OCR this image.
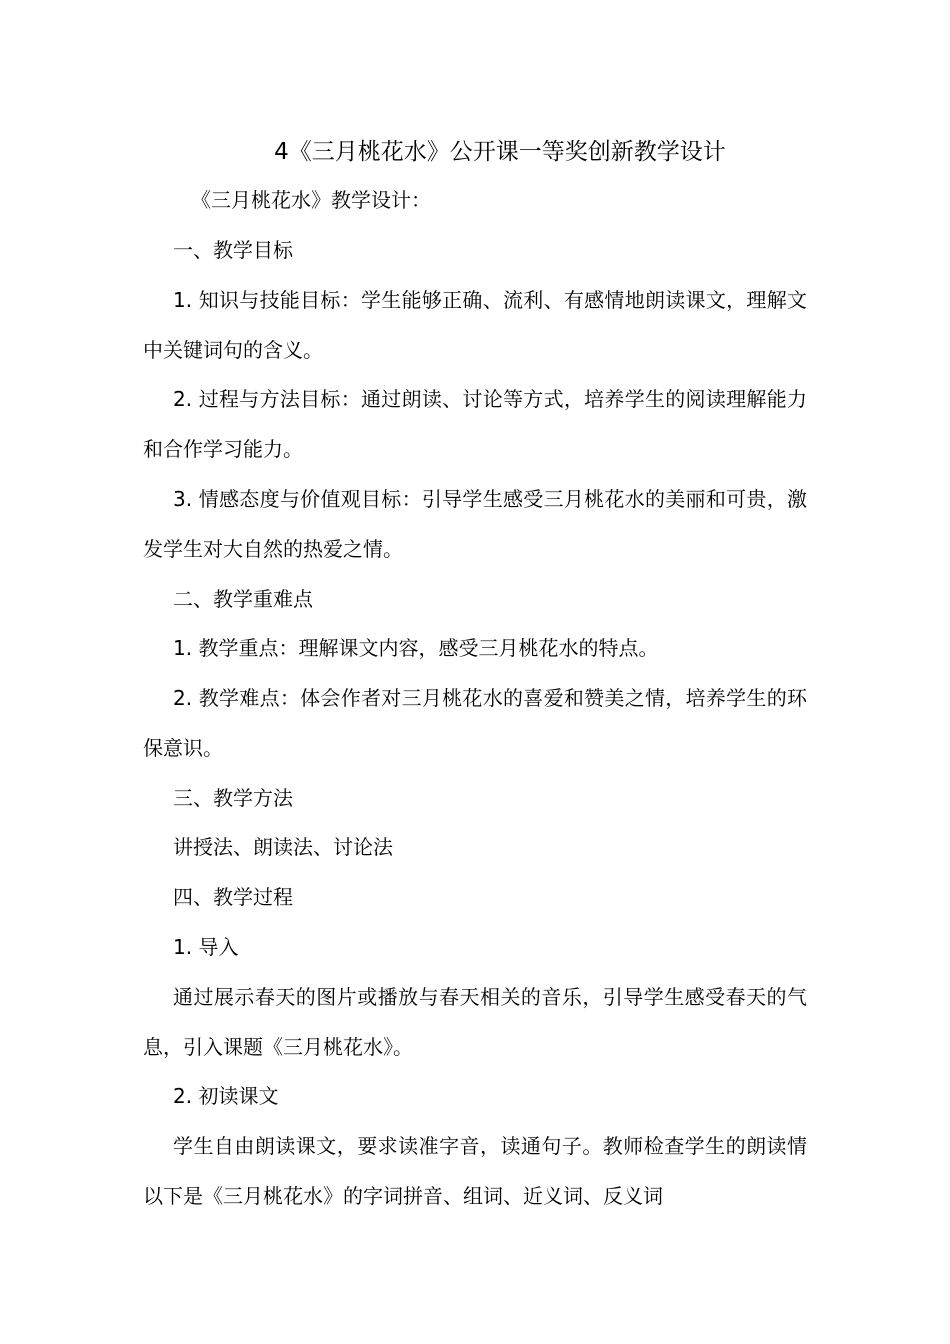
4《三月桃花水》公开课一等奖创新教学设计

《三月桃花水》教学设计：

一、教学目标

1. 知识与技能目标：学生能够正确、流利、有感情地朗读课文，理解文中关键词句的含义。

2. 过程与方法目标：通过朗读、讨论等方式，培养学生的阅读理解能力和合作学习能力。

3. 情感态度与价值观目标：引导学生感受三月桃花水的美丽和可贵，激发学生对大自然的热爱之情。

二、教学重难点

1. 教学重点：理解课文内容，感受三月桃花水的特点。

2. 教学难点：体会作者对三月桃花水的喜爱和赞美之情，培养学生的环保意识。

三、教学方法

讲授法、朗读法、讨论法

四、教学过程

1. 导入

通过展示春天的图片或播放与春天相关的音乐，引导学生感受春天的气息，引入课题《三月桃花水》。

2. 初读课文

学生自由朗读课文，要求读准字音，读通句子。教师检查学生的朗读情以下是《三月桃花水》的字词拼音、组词、近义词、反义词
